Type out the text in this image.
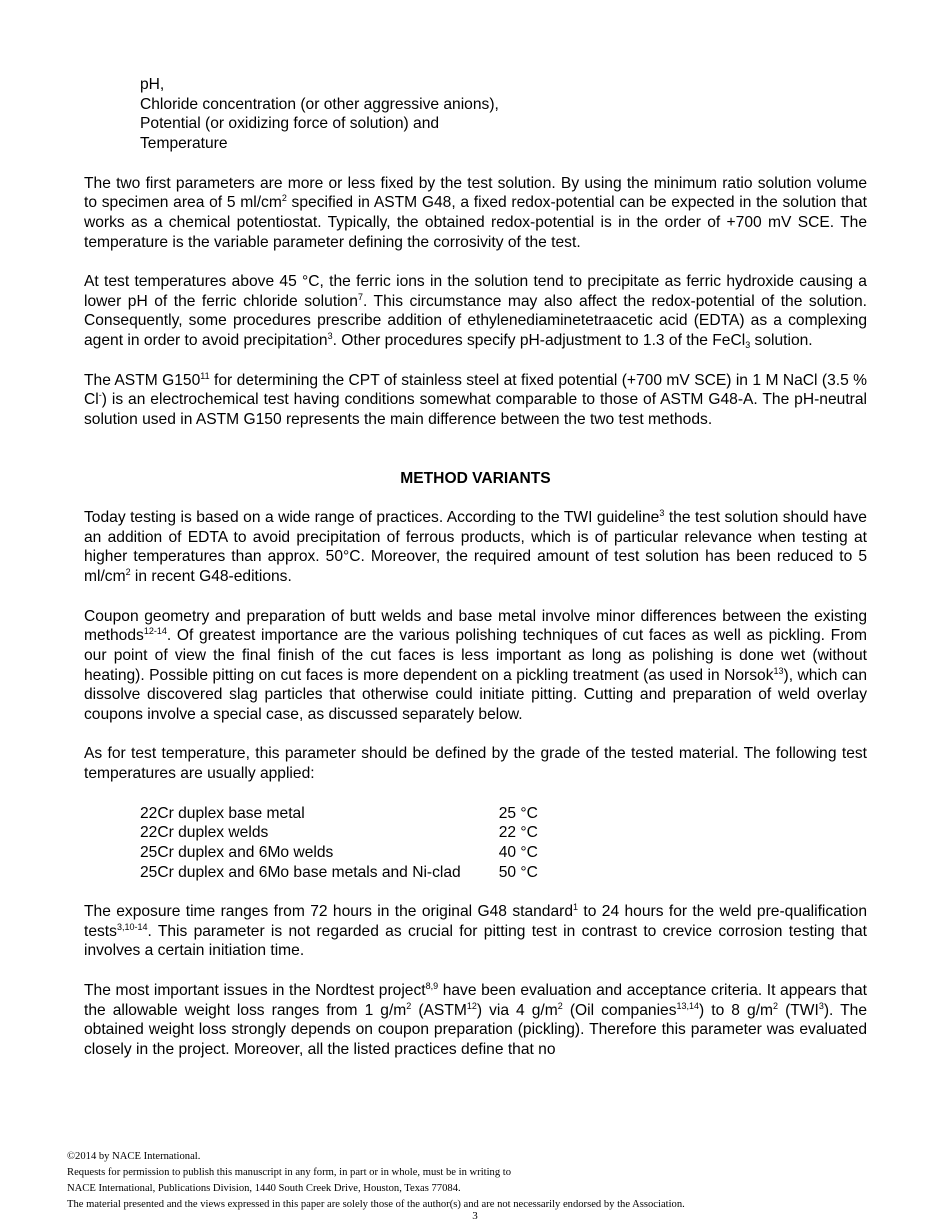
pH,
Chloride concentration (or other aggressive anions),
Potential (or oxidizing force of solution) and
Temperature

The two first parameters are more or less fixed by the test solution. By using the minimum ratio solution volume to specimen area of 5 $ml/cm^2$ specified in ASTM G48, a fixed redox-potential can be expected in the solution that works as a chemical potentiostat. Typically, the obtained redox-potential is in the order of +700 mV SCE. The temperature is the variable parameter defining the corrosivity of the test.

At test temperatures above 45 °C, the ferric ions in the solution tend to precipitate as ferric hydroxide causing a lower pH of the ferric chloride solution$^7$. This circumstance may also affect the redox-potential of the solution. Consequently, some procedures prescribe addition of ethylenediaminetetraacetic acid (EDTA) as a complexing agent in order to avoid precipitation$^3$. Other procedures specify pH-adjustment to 1.3 of the FeCl$_3$ solution.

The ASTM $G150^{11}$ for determining the CPT of stainless steel at fixed potential (+700 mV SCE) in 1 M NaCl (3.5 % Cl-) is an electrochemical test having conditions somewhat comparable to those of ASTM G48-A. The pH-neutral solution used in ASTM G150 represents the main difference between the two test methods.

METHOD VARIANTS

Today testing is based on a wide range of practices. According to the TWI guideline$^3$ the test solution should have an addition of EDTA to avoid precipitation of ferrous products, which is of particular relevance when testing at higher temperatures than approx. 50°C. Moreover, the required amount of test solution has been reduced to 5 $ml/cm^2$ in recent G48-editions.

Coupon geometry and preparation of butt welds and base metal involve minor differences between the existing methods$^{12-14}$. Of greatest importance are the various polishing techniques of cut faces as well as pickling. From our point of view the final finish of the cut faces is less important as long as polishing is done wet (without heating). Possible pitting on cut faces is more dependent on a pickling treatment (as used in Norsok$^{13}$), which can dissolve discovered slag particles that otherwise could initiate pitting. Cutting and preparation of weld overlay coupons involve a special case, as discussed separately below.

As for test temperature, this parameter should be defined by the grade of the tested material. The following test temperatures are usually applied:

22Cr duplex base metal	25 °C
22Cr duplex welds	22 °C
25Cr duplex and 6Mo welds	40 °C
25Cr duplex and 6Mo base metals and Ni-clad	50 °C

The exposure time ranges from 72 hours in the original G48 standard$^1$ to 24 hours for the weld pre-qualification tests$^{3,10-14}$. This parameter is not regarded as crucial for pitting test in contrast to crevice corrosion testing that involves a certain initiation time.

The most important issues in the Nordtest project$^{8,9}$ have been evaluation and acceptance criteria. It appears that the allowable weight loss ranges from 1 $g/m^2$ (ASTM$^{12}$) via 4 $g/m^2$ (Oil companies$^{13,14}$) to 8 $g/m^2$ (TWI$^3$). The obtained weight loss strongly depends on coupon preparation (pickling). Therefore this parameter was evaluated closely in the project. Moreover, all the listed practices define that no

©2014 by NACE International.
Requests for permission to publish this manuscript in any form, in part or in whole, must be in writing to
NACE International, Publications Division, 1440 South Creek Drive, Houston, Texas 77084.
The material presented and the views expressed in this paper are solely those of the author(s) and are not necessarily endorsed by the Association.
3
